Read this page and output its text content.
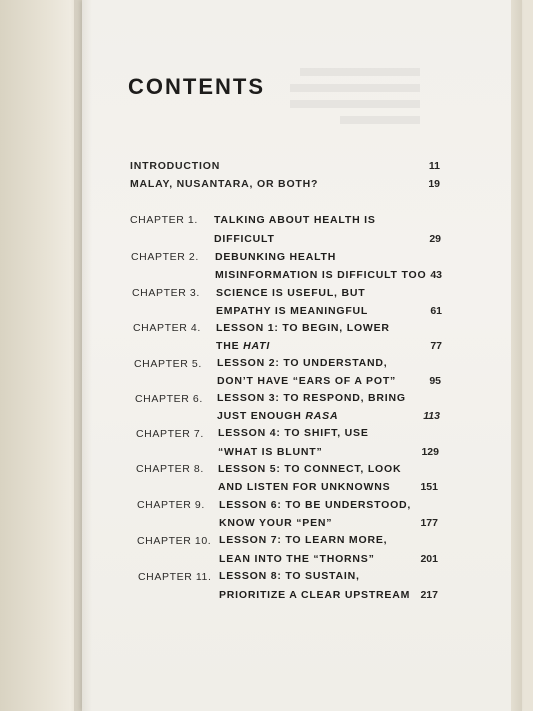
CONTENTS
INTRODUCTION	11
MALAY, NUSANTARA, OR BOTH?	19
CHAPTER 1. TALKING ABOUT HEALTH IS
DIFFICULT	29
CHAPTER 2. DEBUNKING HEALTH
MISINFORMATION IS DIFFICULT TOO 43
CHAPTER 3. SCIENCE IS USEFUL, BUT
EMPATHY IS MEANINGFUL	61
CHAPTER 4. LESSON 1: TO BEGIN, LOWER
THE HATI	77
CHAPTER 5. LESSON 2: TO UNDERSTAND,
DON’T HAVE “EARS OF A POT”	95
CHAPTER 6. LESSON 3: TO RESPOND, BRING
JUST ENOUGH RASA	113
CHAPTER 7. LESSON 4: TO SHIFT, USE
“WHAT IS BLUNT”	129
CHAPTER 8. LESSON 5: TO CONNECT, LOOK
AND LISTEN FOR UNKNOWNS	151
CHAPTER 9. LESSON 6: TO BE UNDERSTOOD,
KNOW YOUR “PEN”	177
CHAPTER 10. LESSON 7: TO LEARN MORE,
LEAN INTO THE “THORNS”	201
CHAPTER 11. LESSON 8: TO SUSTAIN,
PRIORITIZE A CLEAR UPSTREAM 217
